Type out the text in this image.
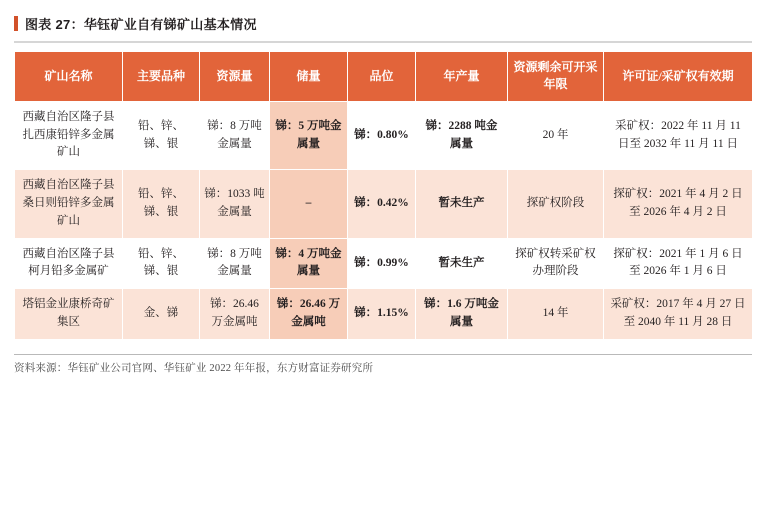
图表 27： 华钰矿业自有锑矿山基本情况
矿山名称	主要品种	资源量	储量	品位	年产量	资源剩余可开采年限	许可证/采矿权有效期
西藏自治区隆子县扎西康铅锌多金属矿山	铅、锌、锑、银	锑：8 万吨金属量	锑：5 万吨金属量	锑：0.80%	锑：2288 吨金属量	20 年	采矿权：2022 年 11 月 11 日至 2032 年 11 月 11 日
西藏自治区隆子县桑日则铅锌多金属矿山	铅、锌、锑、银	锑：1033 吨金属量	–	锑：0.42%	暂未生产	探矿权阶段	探矿权：2021 年 4 月 2 日至 2026 年 4 月 2 日
西藏自治区隆子县柯月铅多金属矿	铅、锌、锑、银	锑：8 万吨金属量	锑：4 万吨金属量	锑：0.99%	暂未生产	探矿权转采矿权办理阶段	探矿权：2021 年 1 月 6 日至 2026 年 1 月 6 日
塔铝金业康桥奇矿集区	金、锑	锑：26.46 万金属吨	锑：26.46 万金属吨	锑：1.15%	锑：1.6 万吨金属量	14 年	采矿权：2017 年 4 月 27 日至 2040 年 11 月 28 日
资料来源：华钰矿业公司官网、华钰矿业 2022 年年报，东方财富证券研究所
